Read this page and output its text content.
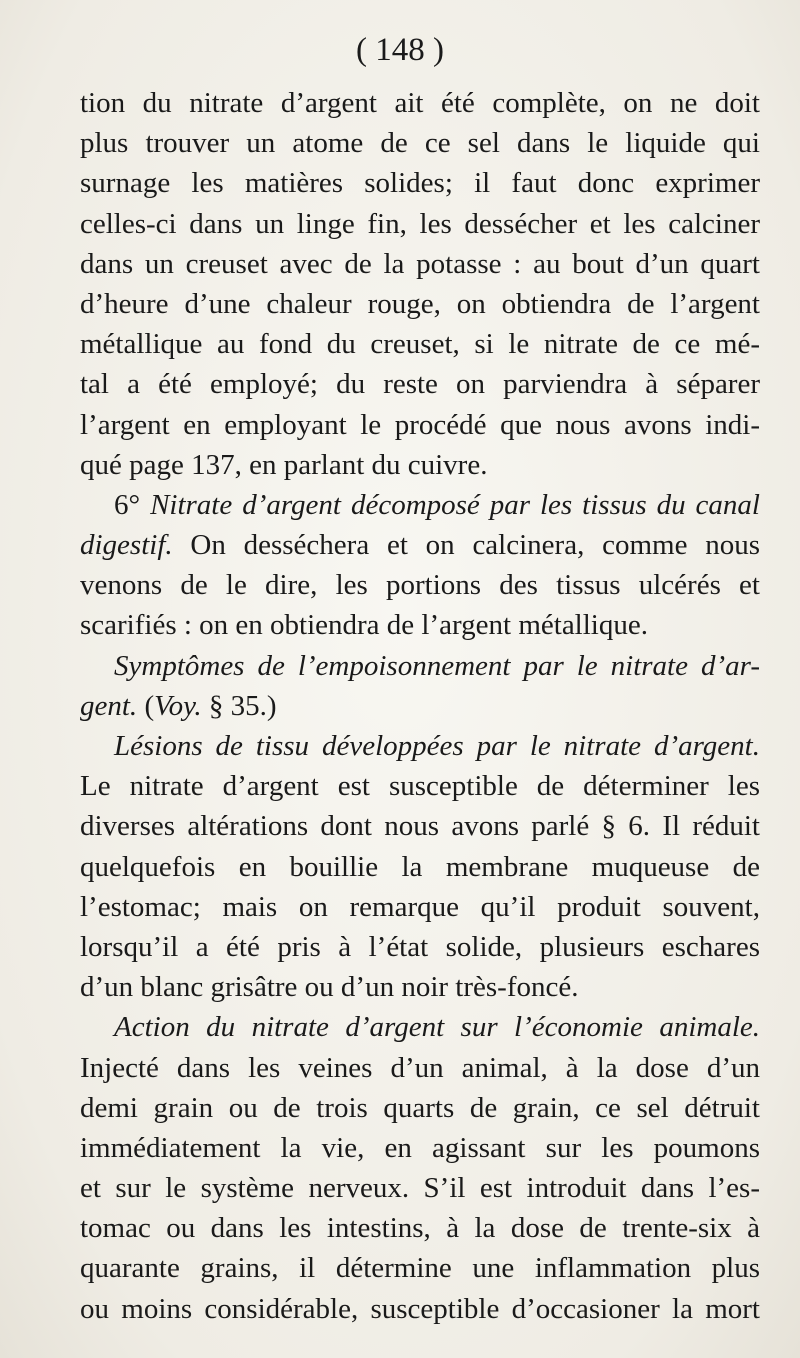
( 148 )
tion du nitrate d’argent ait été complète, on ne doit
plus trouver un atome de ce sel dans le liquide qui
surnage les matières solides; il faut donc exprimer
celles-ci dans un linge fin, les dessécher et les calciner
dans un creuset avec de la potasse : au bout d’un quart
d’heure d’une chaleur rouge, on obtiendra de l’argent
métallique au fond du creuset, si le nitrate de ce mé-
tal a été employé; du reste on parviendra à séparer
l’argent en employant le procédé que nous avons indi-
qué page 137, en parlant du cuivre.
6° Nitrate d’argent décomposé par les tissus du canal
digestif. On desséchera et on calcinera, comme nous
venons de le dire, les portions des tissus ulcérés et
scarifiés : on en obtiendra de l’argent métallique.
Symptômes de l’empoisonnement par le nitrate d’ar-
gent. (Voy. § 35.)
Lésions de tissu développées par le nitrate d’argent.
Le nitrate d’argent est susceptible de déterminer les
diverses altérations dont nous avons parlé § 6. Il réduit
quelquefois en bouillie la membrane muqueuse de
l’estomac; mais on remarque qu’il produit souvent,
lorsqu’il a été pris à l’état solide, plusieurs eschares
d’un blanc grisâtre ou d’un noir très-foncé.
Action du nitrate d’argent sur l’économie animale.
Injecté dans les veines d’un animal, à la dose d’un
demi grain ou de trois quarts de grain, ce sel détruit
immédiatement la vie, en agissant sur les poumons
et sur le système nerveux. S’il est introduit dans l’es-
tomac ou dans les intestins, à la dose de trente-six à
quarante grains, il détermine une inflammation plus
ou moins considérable, susceptible d’occasioner la mort
